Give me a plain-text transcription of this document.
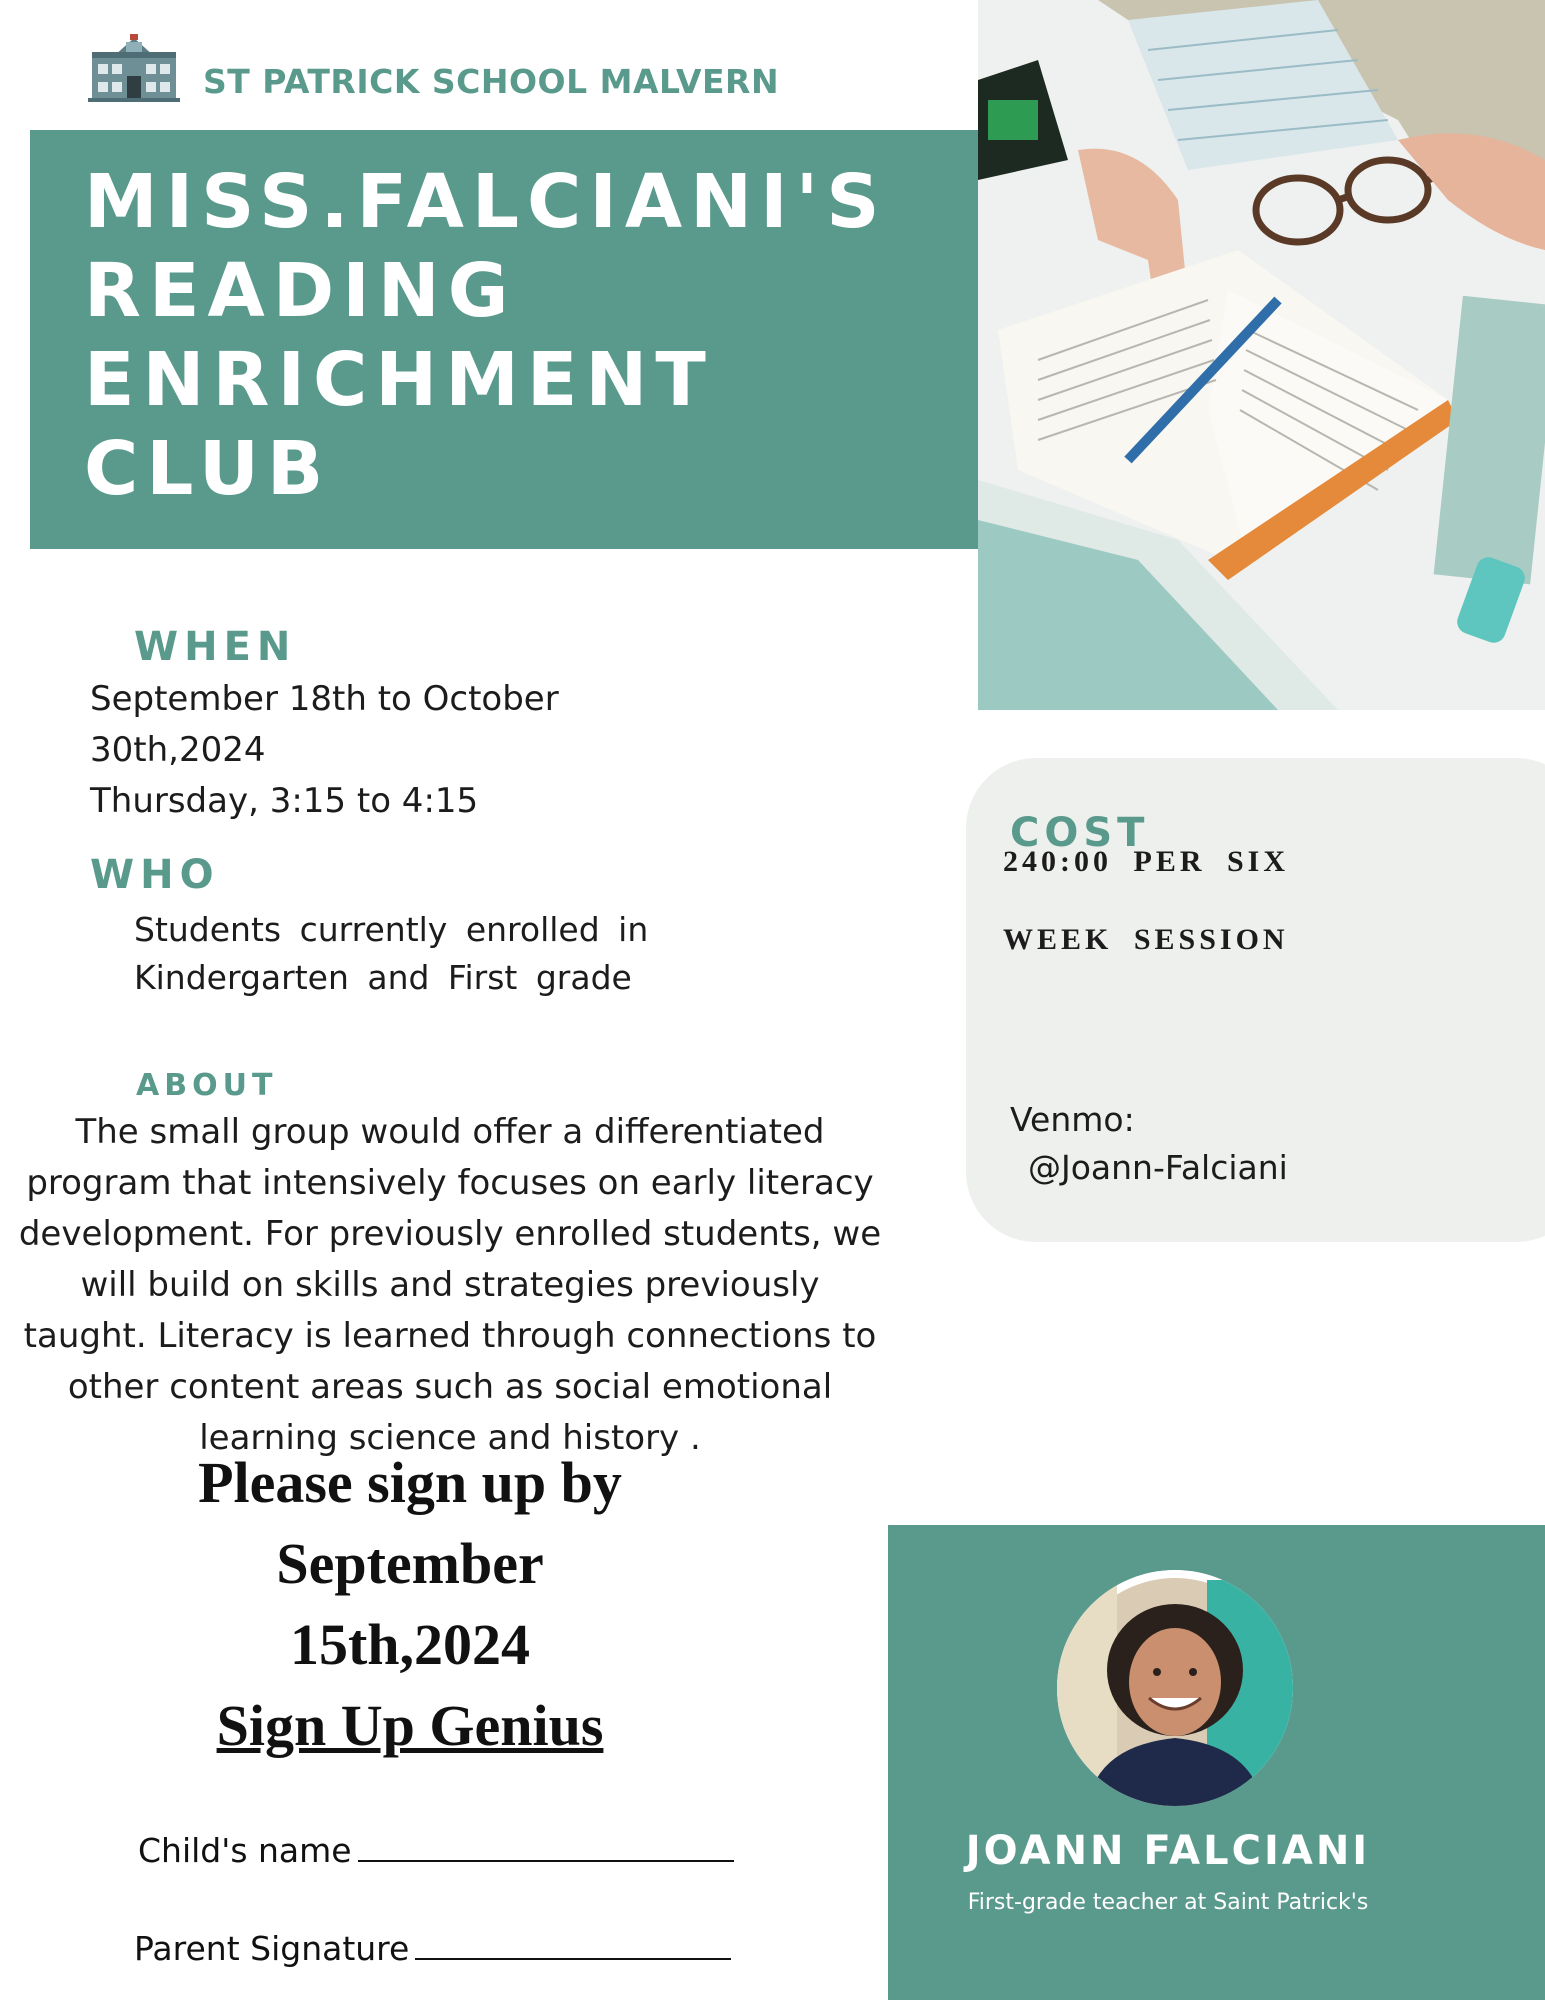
ST PATRICK SCHOOL MALVERN
MISS.FALCIANI'S
READING
ENRICHMENT
CLUB
WHEN
September 18th to October
30th,2024
Thursday, 3:15 to 4:15
WHO
Students currently enrolled in
Kindergarten and First grade
ABOUT
The small group would offer a differentiated program that intensively focuses on early literacy development. For previously enrolled students, we will build on skills and strategies previously taught. Literacy is learned through connections to other content areas such as social emotional learning science and history .
Please sign up by
September
15th,2024
Sign Up Genius
Child's name
Parent Signature
COST
240:00 PER SIX
WEEK SESSION
Venmo:
@Joann-Falciani
JOANN FALCIANI
First-grade teacher at Saint Patrick's
